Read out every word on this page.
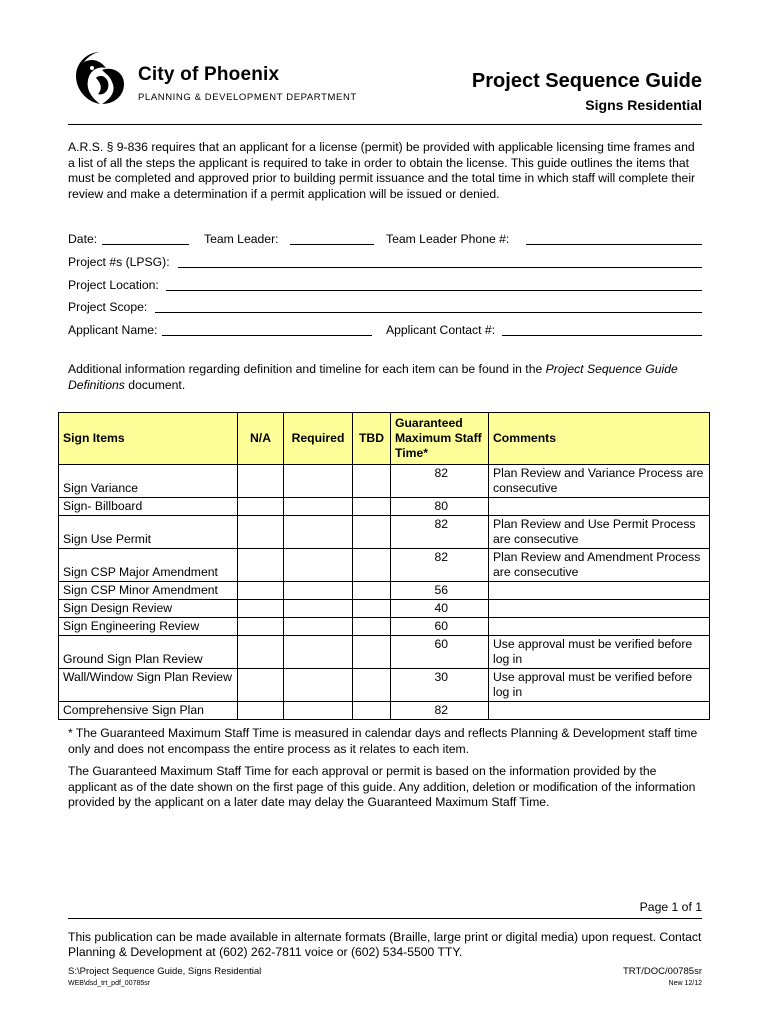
City of Phoenix
PLANNING & DEVELOPMENT DEPARTMENT
Project Sequence Guide
Signs Residential
A.R.S. § 9-836 requires that an applicant for a license (permit) be provided with applicable licensing time frames and a list of all the steps the applicant is required to take in order to obtain the license. This guide outlines the items that must be completed and approved prior to building permit issuance and the total time in which staff will complete their review and make a determination if a permit application will be issued or denied.
Date:	Team Leader:	Team Leader Phone #:
Project #s (LPSG):
Project Location:
Project Scope:
Applicant Name:	Applicant Contact #:
Additional information regarding definition and timeline for each item can be found in the Project Sequence Guide Definitions document.
Sign Items	N/A	Required	TBD	Guaranteed Maximum Staff Time*	Comments

Sign Variance				82	Plan Review and Variance Process are consecutive
Sign- Billboard				80	

Sign Use Permit				82	Plan Review and Use Permit Process are consecutive

Sign CSP Major Amendment				82	Plan Review and Amendment Process are consecutive
Sign CSP Minor Amendment				56	
Sign Design Review				40	
Sign Engineering Review				60	

Ground Sign Plan Review				60	Use approval must be verified before log in
Wall/Window Sign Plan Review				30	Use approval must be verified before log in
Comprehensive Sign Plan				82	
* The Guaranteed Maximum Staff Time is measured in calendar days and reflects Planning & Development staff time only and does not encompass the entire process as it relates to each item.
The Guaranteed Maximum Staff Time for each approval or permit is based on the information provided by the applicant as of the date shown on the first page of this guide. Any addition, deletion or modification of the information provided by the applicant on a later date may delay the Guaranteed Maximum Staff Time.
Page 1 of 1
This publication can be made available in alternate formats (Braille, large print or digital media) upon request. Contact Planning & Development at (602) 262-7811 voice or (602) 534-5500 TTY.
S:\Project Sequence Guide, Signs Residential
WEB\dsd_trt_pdf_00785sr
TRT/DOC/00785sr
New 12/12
